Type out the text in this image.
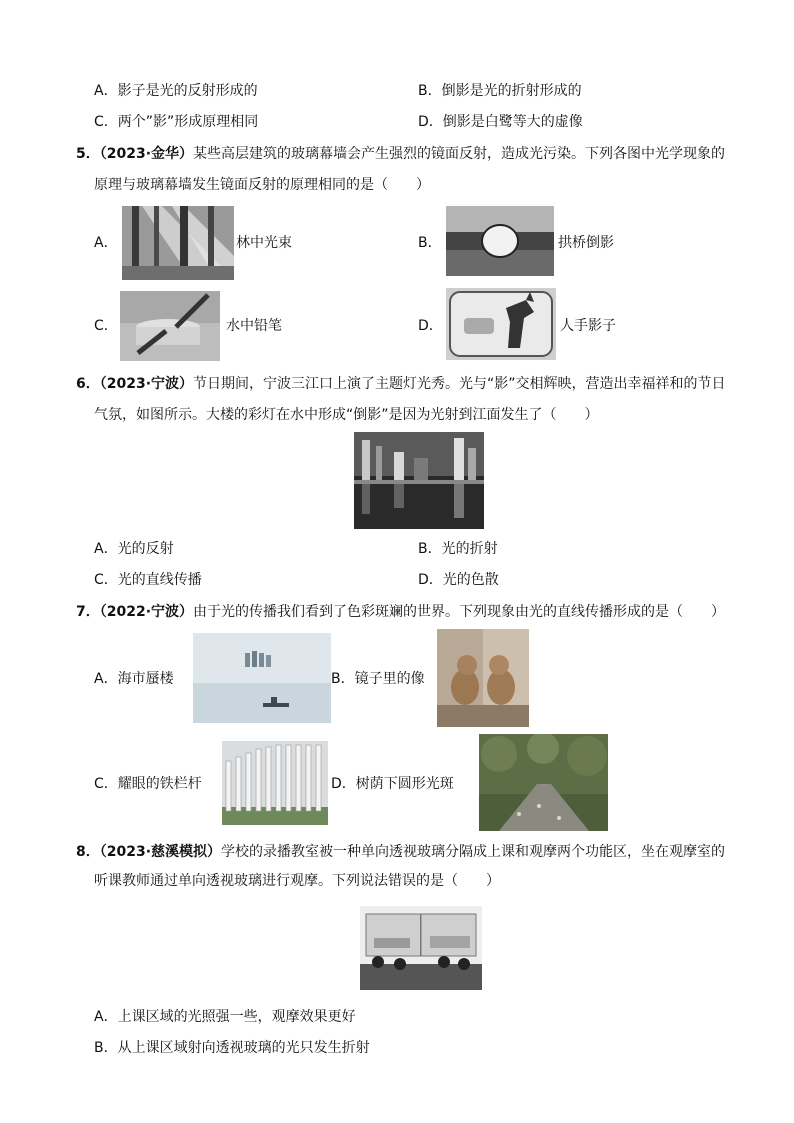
A．影子是光的反射形成的	B．倒影是光的折射形成的
C．两个”影”形成原理相同	D．倒影是白鹭等大的虚像
5．（2023·金华）某些高层建筑的玻璃幕墙会产生强烈的镜面反射，造成光污染。下列各图中光学现象的
原理与玻璃幕墙发生镜面反射的原理相同的是（　　）
A．	林中光束	B．	拱桥倒影
C．	水中铅笔	D．	人手影子
6．（2023·宁波）节日期间，宁波三江口上演了主题灯光秀。光与“影”交相辉映，营造出幸福祥和的节日
气氛，如图所示。大楼的彩灯在水中形成“倒影”是因为光射到江面发生了（　　）
A．光的反射	B．光的折射
C．光的直线传播	D．光的色散
7．（2022·宁波）由于光的传播我们看到了色彩斑斓的世界。下列现象由光的直线传播形成的是（　　）
A．海市蜃楼	B．镜子里的像
C．耀眼的铁栏杆	D．树荫下圆形光斑
8．（2023·慈溪模拟）学校的录播教室被一种单向透视玻璃分隔成上课和观摩两个功能区，坐在观摩室的
听课教师通过单向透视玻璃进行观摩。下列说法错误的是（　　）
A．上课区域的光照强一些，观摩效果更好
B．从上课区域射向透视玻璃的光只发生折射
